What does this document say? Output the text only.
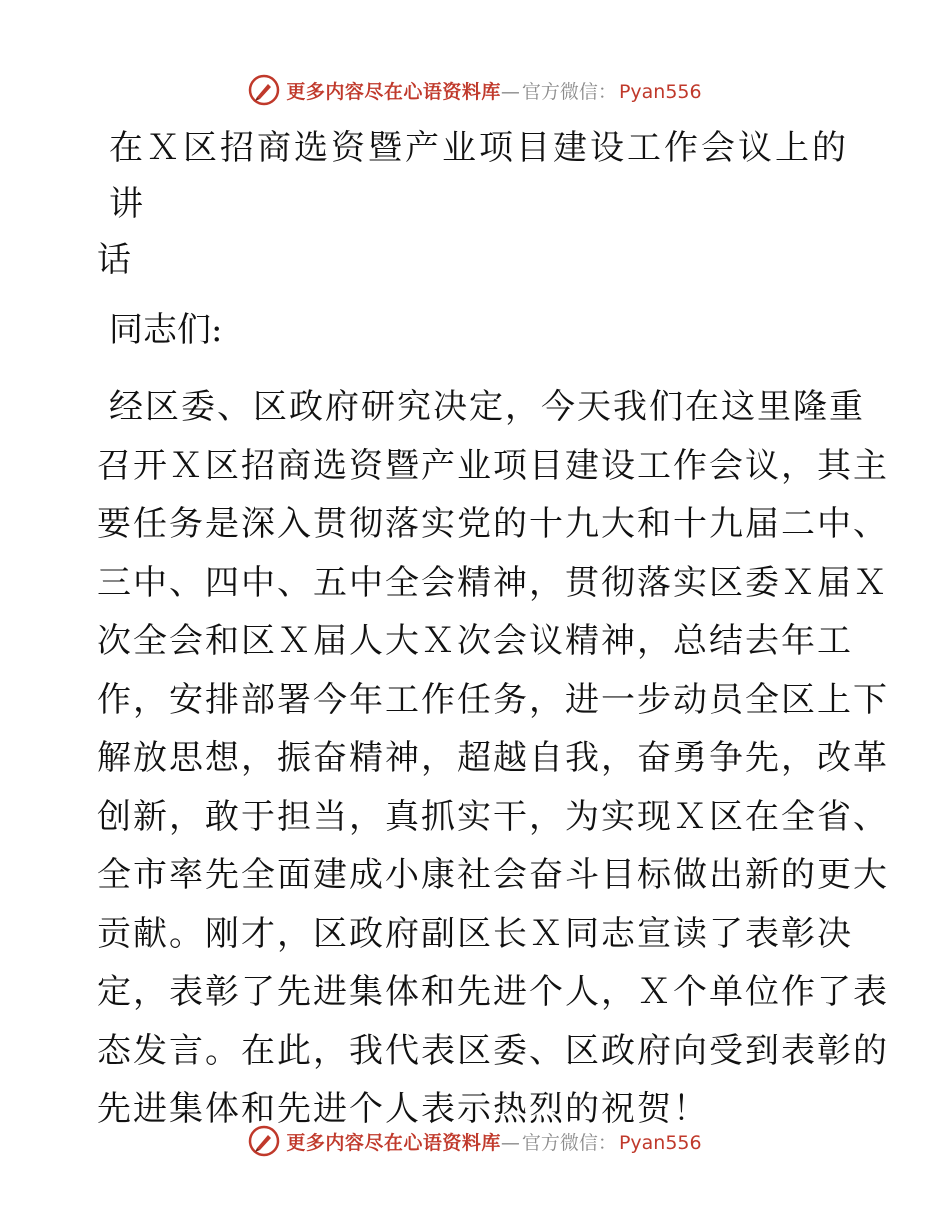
更多内容尽在心语资料库 — 官方微信： Pyan556
在Ｘ区招商选资暨产业项目建设工作会议上的讲
话
同志们:
经区委、区政府研究决定，今天我们在这里隆重
召开Ｘ区招商选资暨产业项目建设工作会议，其主
要任务是深入贯彻落实党的十九大和十九届二中、
三中、四中、五中全会精神，贯彻落实区委Ｘ届Ｘ
次全会和区Ｘ届人大Ｘ次会议精神，总结去年工
作，安排部署今年工作任务，进一步动员全区上下
解放思想，振奋精神，超越自我，奋勇争先，改革
创新，敢于担当，真抓实干，为实现Ｘ区在全省、
全市率先全面建成小康社会奋斗目标做出新的更大
贡献。刚才，区政府副区长Ｘ同志宣读了表彰决
定，表彰了先进集体和先进个人，Ｘ个单位作了表
态发言。在此，我代表区委、区政府向受到表彰的
先进集体和先进个人表示热烈的祝贺！
更多内容尽在心语资料库 — 官方微信： Pyan556
